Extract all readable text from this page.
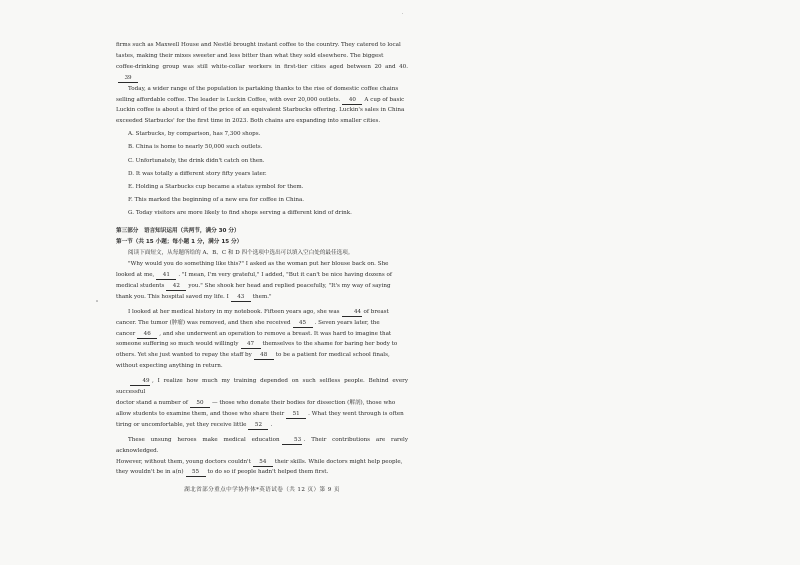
firms such as Maxwell House and Nestlé brought instant coffee to the country. They catered to local

tastes, making their mixes sweeter and less bitter than what they sold elsewhere. The biggest

coffee-drinking group was still white-collar workers in first-tier cities aged between 20 and 40.39

Today, a wider range of the population is partaking thanks to the rise of domestic coffee chains

selling affordable coffee. The leader is Luckin Coffee, with over 20,000 outlets. 40 A cup of basic

Luckin coffee is about a third of the price of an equivalent Starbucks offering. Luckin's sales in China

exceeded Starbucks' for the first time in 2023. Both chains are expanding into smaller cities.

A. Starbucks, by comparison, has 7,300 shops.

B. China is home to nearly 50,000 such outlets.

C. Unfortunately, the drink didn't catch on then.

D. It was totally a different story fifty years later.

E. Holding a Starbucks cup became a status symbol for them.

F. This marked the beginning of a new era for coffee in China.

G. Today visitors are more likely to find shops serving a different kind of drink.

第三部分　语言知识运用（共两节，满分 30 分）

第一节（共 15 小题；每小题 1 分，满分 15 分）

阅读下面短文，从每题所给的 A、B、C 和 D 四个选项中选出可以填入空白处的最佳选项。

"Why would you do something like this?" I asked as the woman put her blouse back on. She

looked at me, 41 . "I mean, I'm very grateful," I added, "But it can't be nice having dozens of

medical students 42 you." She shook her head and replied peacefully, "It's my way of saying

thank you. This hospital saved my life. I 43 them."

I looked at her medical history in my notebook. Fifteen years ago, she was	44 of breast

cancer. The tumor (肿瘤) was removed, and then she received 45 . Seven years later, the

cancer 46 , and she underwent an operation to remove a breast. It was hard to imagine that

someone suffering so much would willingly 47 themselves to the shame for baring her body to

others. Yet she just wanted to repay the staff by 48 to be a patient for medical school finals,

without expecting anything in return.

49 , I realize how much my training depended on such selfless people. Behind every successful

doctor stand a number of 50 — those who donate their bodies for dissection (解剖), those who

allow students to examine them, and those who share their 51 . What they went through is often

tiring or uncomfortable, yet they receive little 52 .

These unsung heroes make medical education	53 . Their contributions are rarely acknowledged.

However, without them, young doctors couldn't 54 their skills. While doctors might help people,

they wouldn't be in a(n) 55 to do so if people hadn't helped them first.

湖北省部分重点中学协作体*英语试卷（共 12 页）第 9 页
